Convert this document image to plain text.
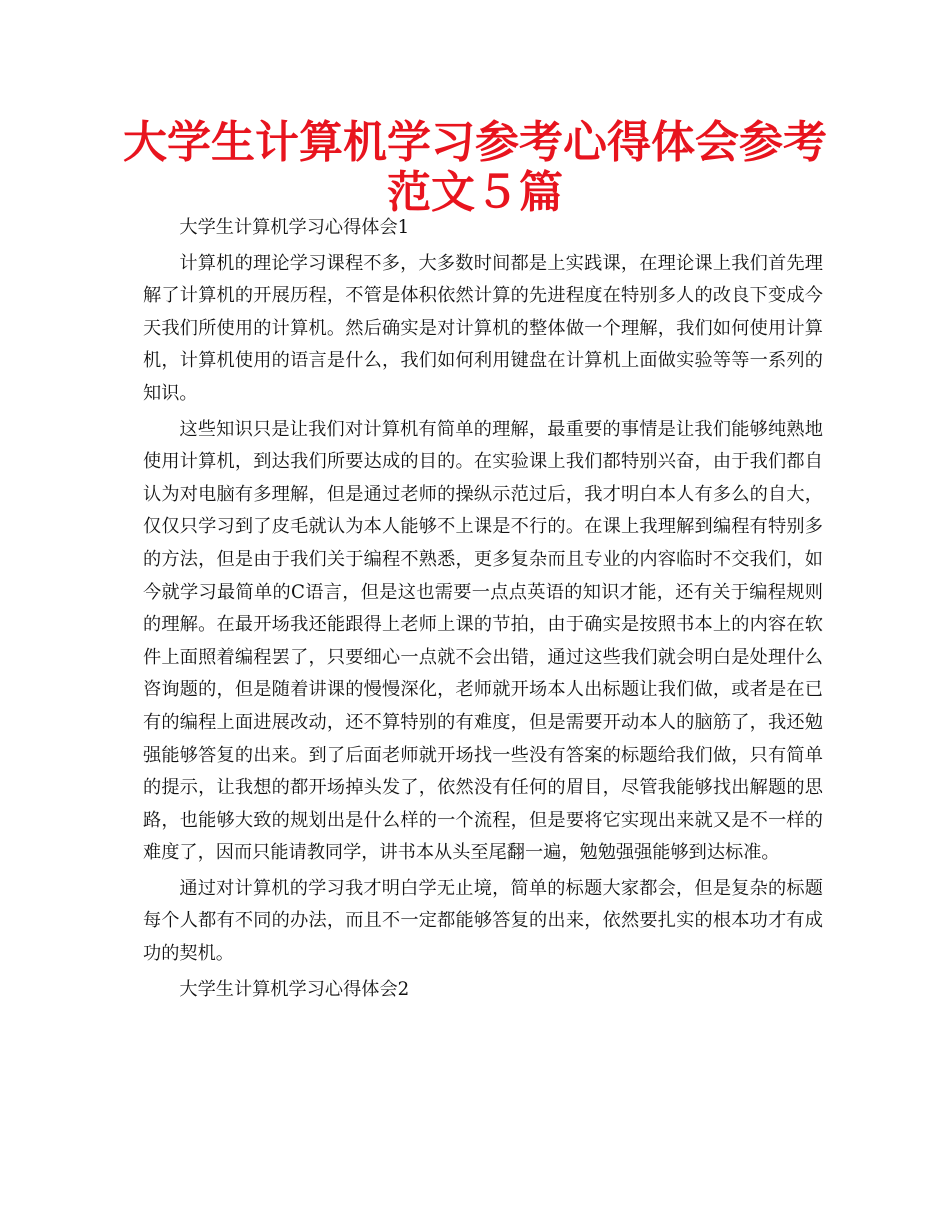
大学生计算机学习参考心得体会参考范文５篇

大学生计算机学习心得体会1

计算机的理论学习课程不多，大多数时间都是上实践课，在理论课上我们首先理解了计算机的开展历程，不管是体积依然计算的先进程度在特别多人的改良下变成今天我们所使用的计算机。然后确实是对计算机的整体做一个理解，我们如何使用计算机，计算机使用的语言是什么，我们如何利用键盘在计算机上面做实验等等一系列的知识。

这些知识只是让我们对计算机有简单的理解，最重要的事情是让我们能够纯熟地使用计算机，到达我们所要达成的目的。在实验课上我们都特别兴奋，由于我们都自认为对电脑有多理解，但是通过老师的操纵示范过后，我才明白本人有多么的自大，仅仅只学习到了皮毛就认为本人能够不上课是不行的。在课上我理解到编程有特别多的方法，但是由于我们关于编程不熟悉，更多复杂而且专业的内容临时不交我们，如今就学习最简单的C语言，但是这也需要一点点英语的知识才能，还有关于编程规则的理解。在最开场我还能跟得上老师上课的节拍，由于确实是按照书本上的内容在软件上面照着编程罢了，只要细心一点就不会出错，通过这些我们就会明白是处理什么咨询题的，但是随着讲课的慢慢深化，老师就开场本人出标题让我们做，或者是在已有的编程上面进展改动，还不算特别的有难度，但是需要开动本人的脑筋了，我还勉强能够答复的出来。到了后面老师就开场找一些没有答案的标题给我们做，只有简单的提示，让我想的都开场掉头发了，依然没有任何的眉目，尽管我能够找出解题的思路，也能够大致的规划出是什么样的一个流程，但是要将它实现出来就又是不一样的难度了，因而只能请教同学，讲书本从头至尾翻一遍，勉勉强强能够到达标准。

通过对计算机的学习我才明白学无止境，简单的标题大家都会，但是复杂的标题每个人都有不同的办法，而且不一定都能够答复的出来，依然要扎实的根本功才有成功的契机。

大学生计算机学习心得体会2
